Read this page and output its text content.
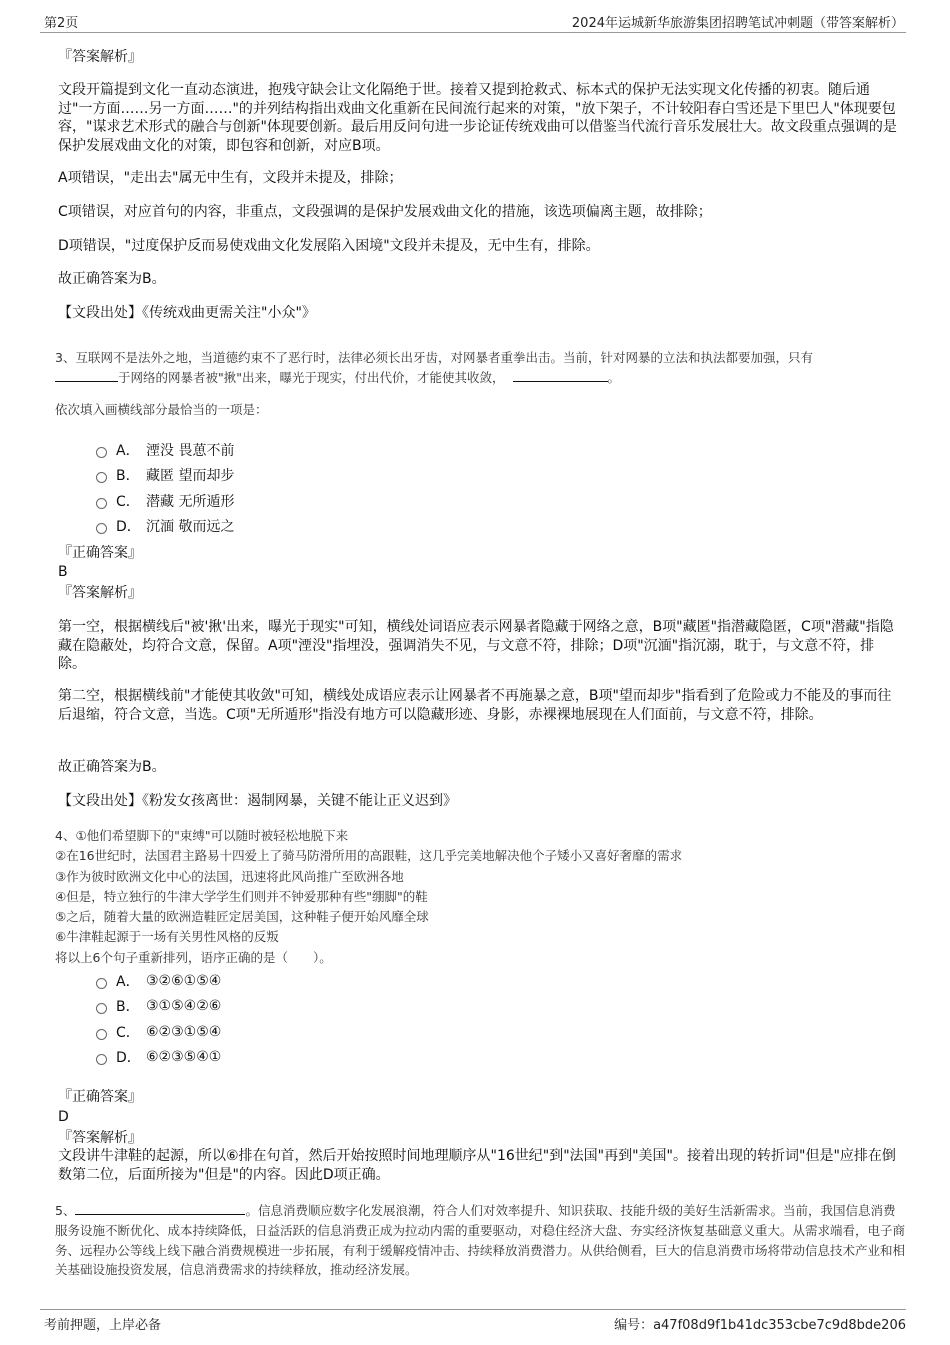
第2页	2024年运城新华旅游集团招聘笔试冲刺题（带答案解析）
『答案解析』
文段开篇提到文化一直动态演进，抱残守缺会让文化隔绝于世。接着又提到抢救式、标本式的保护无法实现文化传播的初衷。随后通过"一方面……另一方面……"的并列结构指出戏曲文化重新在民间流行起来的对策，"放下架子，不计较阳春白雪还是下里巴人"体现要包容，"谋求艺术形式的融合与创新"体现要创新。最后用反问句进一步论证传统戏曲可以借鉴当代流行音乐发展壮大。故文段重点强调的是保护发展戏曲文化的对策，即包容和创新，对应B项。
A项错误，"走出去"属无中生有，文段并未提及，排除；
C项错误，对应首句的内容，非重点，文段强调的是保护发展戏曲文化的措施，该选项偏离主题，故排除；
D项错误，"过度保护反而易使戏曲文化发展陷入困境"文段并未提及，无中生有，排除。
故正确答案为B。
【文段出处】《传统戏曲更需关注"小众"》
3、互联网不是法外之地，当道德约束不了恶行时，法律必须长出牙齿，对网暴者重拳出击。当前，针对网暴的立法和执法都要加强，只有
于网络的网暴者被"揪"出来，曝光于现实，付出代价，才能使其收敛，	。
依次填入画横线部分最恰当的一项是：
A． 湮没 畏葸不前
B． 藏匿 望而却步
C． 潜藏 无所遁形
D． 沉湎 敬而远之
『正确答案』
B
『答案解析』
第一空，根据横线后"被'揪'出来，曝光于现实"可知，横线处词语应表示网暴者隐藏于网络之意，B项"藏匿"指潜藏隐匿，C项"潜藏"指隐藏在隐蔽处，均符合文意，保留。A项"湮没"指埋没，强调消失不见，与文意不符，排除；D项"沉湎"指沉溺，耽于，与文意不符，排除。
第二空，根据横线前"才能使其收敛"可知，横线处成语应表示让网暴者不再施暴之意，B项"望而却步"指看到了危险或力不能及的事而往后退缩，符合文意，当选。C项"无所遁形"指没有地方可以隐藏形迹、身影，赤裸裸地展现在人们面前，与文意不符，排除。
故正确答案为B。
【文段出处】《粉发女孩离世：遏制网暴，关键不能让正义迟到》
4、①他们希望脚下的"束缚"可以随时被轻松地脱下来
②在16世纪时，法国君主路易十四爱上了骑马防滑所用的高跟鞋，这几乎完美地解决他个子矮小又喜好奢靡的需求
③作为彼时欧洲文化中心的法国，迅速将此风尚推广至欧洲各地
④但是，特立独行的牛津大学学生们则并不钟爱那种有些"绷脚"的鞋
⑤之后，随着大量的欧洲造鞋匠定居美国，这种鞋子便开始风靡全球
⑥牛津鞋起源于一场有关男性风格的反叛
将以上6个句子重新排列，语序正确的是（　　）。
A． ③②⑥①⑤④
B． ③①⑤④②⑥
C． ⑥②③①⑤④
D． ⑥②③⑤④①
『正确答案』
D
『答案解析』
文段讲牛津鞋的起源，所以⑥排在句首，然后开始按照时间地理顺序从"16世纪"到"法国"再到"美国"。接着出现的转折词"但是"应排在倒数第二位，后面所接为"但是"的内容。因此D项正确。
5、	。信息消费顺应数字化发展浪潮，符合人们对效率提升、知识获取、技能升级的美好生活新需求。当前，我国信息消费服务设施不断优化、成本持续降低，日益活跃的信息消费正成为拉动内需的重要驱动，对稳住经济大盘、夯实经济恢复基础意义重大。从需求端看，电子商务、远程办公等线上线下融合消费规模进一步拓展，有利于缓解疫情冲击、持续释放消费潜力。从供给侧看，巨大的信息消费市场将带动信息技术产业和相关基础设施投资发展，信息消费需求的持续释放，推动经济发展。
考前押题，上岸必备	编号：a47f08d9f1b41dc353cbe7c9d8bde206
